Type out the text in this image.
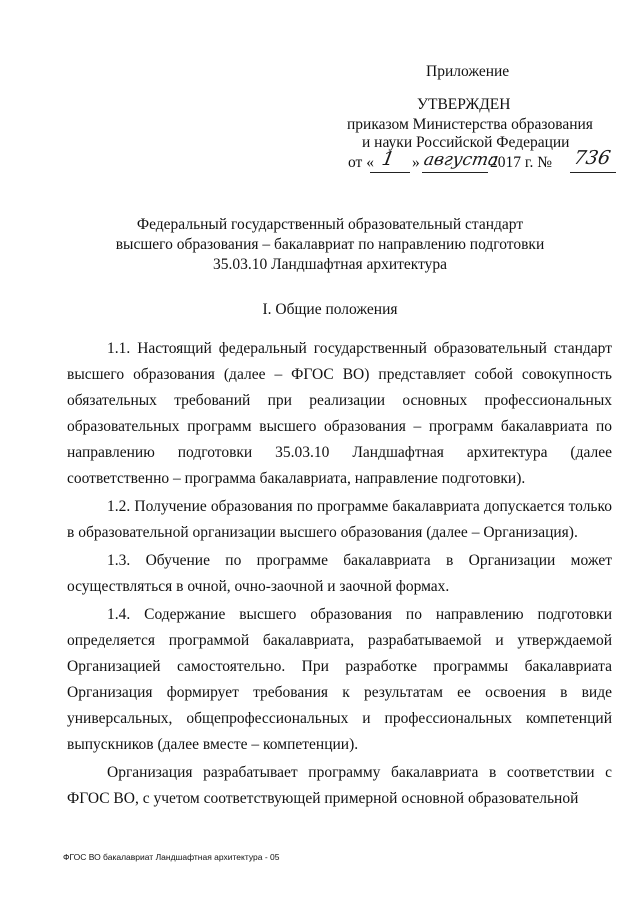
Приложение
УТВЕРЖДЕН
приказом Министерства образования
и науки Российской Федерации
от « 1 » августа
2017 г. № 736
Федеральный государственный образовательный стандарт
высшего образования – бакалавриат по направлению подготовки
35.03.10 Ландшафтная архитектура
I. Общие положения

1.1. Настоящий федеральный государственный образовательный стандарт высшего образования (далее – ФГОС ВО) представляет собой совокупность обязательных требований при реализации основных профессиональных образовательных программ высшего образования – программ бакалавриата по направлению подготовки 35.03.10 Ландшафтная архитектура (далее соответственно – программа бакалавриата, направление подготовки).

1.2. Получение образования по программе бакалавриата допускается только в образовательной организации высшего образования (далее – Организация).

1.3. Обучение по программе бакалавриата в Организации может осуществляться в очной, очно-заочной и заочной формах.

1.4. Содержание высшего образования по направлению подготовки определяется программой бакалавриата, разрабатываемой и утверждаемой Организацией самостоятельно. При разработке программы бакалавриата Организация формирует требования к результатам ее освоения в виде универсальных, общепрофессиональных и профессиональных компетенций выпускников (далее вместе – компетенции).

Организация разрабатывает программу бакалавриата в соответствии с ФГОС ВО, с учетом соответствующей примерной основной образовательной

ФГОС ВО бакалавриат Ландшафтная архитектура - 05
